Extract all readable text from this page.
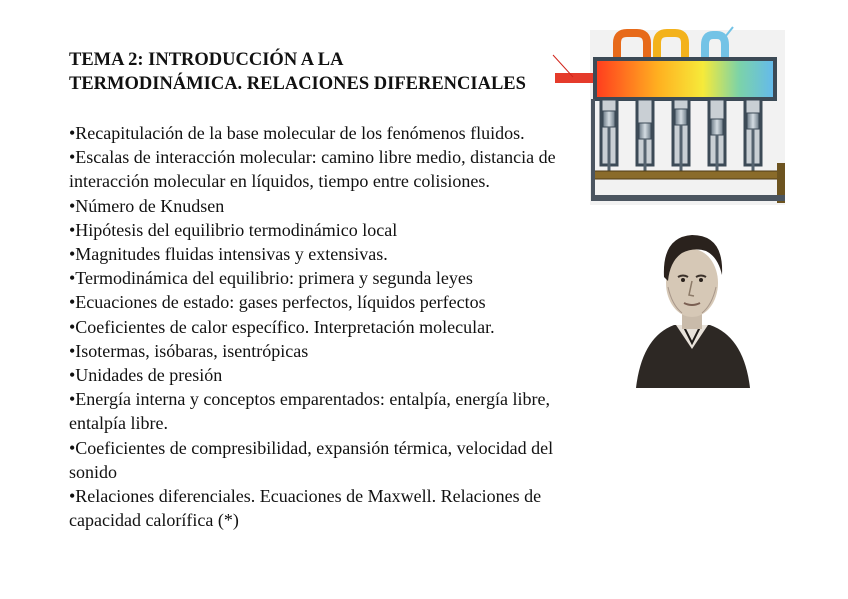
TEMA 2: INTRODUCCIÓN A LA
TERMODINÁMICA. RELACIONES DIFERENCIALES
•Recapitulación de la base molecular de los fenómenos fluidos.
•Escalas de interacción molecular: camino libre medio, distancia de interacción molecular en líquidos, tiempo entre colisiones.
•Número de Knudsen
•Hipótesis del equilibrio termodinámico local
•Magnitudes fluidas intensivas y extensivas.
•Termodinámica del equilibrio: primera y segunda leyes
•Ecuaciones de estado: gases perfectos, líquidos perfectos
•Coeficientes de calor específico. Interpretación molecular.
•Isotermas, isóbaras, isentrópicas
•Unidades de presión
•Energía interna y conceptos emparentados: entalpía, energía libre, entalpía libre.
•Coeficientes de compresibilidad, expansión térmica, velocidad del sonido
•Relaciones diferenciales. Ecuaciones de Maxwell. Relaciones de capacidad calorífica (*)
